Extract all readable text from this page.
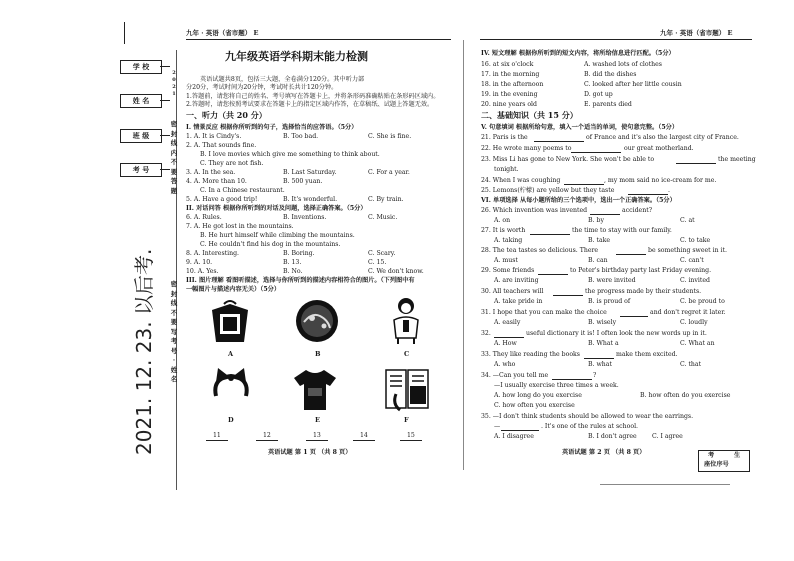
学 校
姓 名
班 级
考 号
2
0
2
1
密
封
线
内
不
要
答
题
密
封
线
不
要
写
考
号
·
姓
名
2021. 12. 23. 以后考.
九年 · 英语（省市题） E
九年级英语学科期末能力检测
英语试题共8页，包括三大题，全卷满分120分。其中听力部
分20分，考试时间为20分钟，考试时长共计120分钟。
1.答题前，请您将自己的姓名、考号填写在答题卡上，并将条形码准确粘贴在条形码区域内。
2.答题时，请您按照考试要求在答题卡上的指定区域内作答，在草稿纸、试题上答题无效。
一、听力（共 20 分）
I. 情景反应 根据你所听到的句子，选择恰当的应答语。（5分）
1. A. It is Cindy's.	B. Too bad.	C. She is fine.
2. A. That sounds fine.
B. I love movies which give me something to think about.
C. They are not fish.
3. A. In the sea.	B. Last Saturday.	C. For a year.
4. A. More than 10.	B. 500 yuan.
C. In a Chinese restaurant.
5. A. Have a good trip!	B. It's wonderful.	C. By train.
II. 对话问答 根据你所听到的对话及问题，选择正确答案。（5分）
6. A. Rules.	B. Inventions.	C. Music.
7. A. He got lost in the mountains.
B. He hurt himself while climbing the mountains.
C. He couldn't find his dog in the mountains.
8. A. Interesting.	B. Boring.	C. Scary.
9. A. 10.	B. 13.	C. 15.
10. A. Yes.	B. No.	C. We don't know.
III. 图片理解 看图听描述，选择与你所听到的描述内容相符合的图片。（下列图中有
一幅图片与描述内容无关）（5分）
A	B	C
D	E	F
11	12	13	14	15
英语试题 第 1 页 （共 8 页）
九年 · 英语（省市题） E
IV. 短文理解 根据你所听到的短文内容，将所给信息进行匹配。（5分）
16. at six o'clock	A. washed lots of clothes
17. in the morning	B. did the dishes
18. in the afternoon	C. looked after her little cousin
19. in the evening	D. got up
20. nine years old	E. parents died
二、基础知识（共 15 分）
V. 句意填词 根据所给句意，填入一个适当的单词，使句意完整。（5分）
21. Paris is the	of France and it's also the largest city of France.
22. He wrote many poems to	our great motherland.
23. Miss Li has gone to New York. She won't be able to	the meeting
tonight.
24. When I was coughing	, my mom said no ice-cream for me.
25. Lemons(柠檬) are yellow but they taste	.
VI. 单项选择 从每小题所给的三个选项中，选出一个正确答案。（5分）
26. Which invention was invented	accident?
A. on	B. by	C. at
27. It is worth	the time to stay with our family.
A. taking	B. take	C. to take
28. The tea tastes so delicious. There	be something sweet in it.
A. must	B. can	C. can't
29. Some friends	to Peter's birthday party last Friday evening.
A. are inviting	B. were invited	C. invited
30. All teachers will	the progress made by their students.
A. take pride in	B. is proud of	C. be proud to
31. I hope that you can make the choice	and don't regret it later.
A. easily	B. wisely	C. loudly
32.	useful dictionary it is! I often look the new words up in it.
A. How	B. What a	C. What an
33. They like reading the books	make them excited.
A. who	B. what	C. that
34. —Can you tell me	?
—I usually exercise three times a week.
A. how long do you exercise	B. how often do you exercise
C. how often you exercise
35. —I don't think students should be allowed to wear the earrings.
—	. It's one of the rules at school.
A. I disagree	B. I don't agree C. I agree
考	生
座位序号
英语试题 第 2 页 （共 8 页）
